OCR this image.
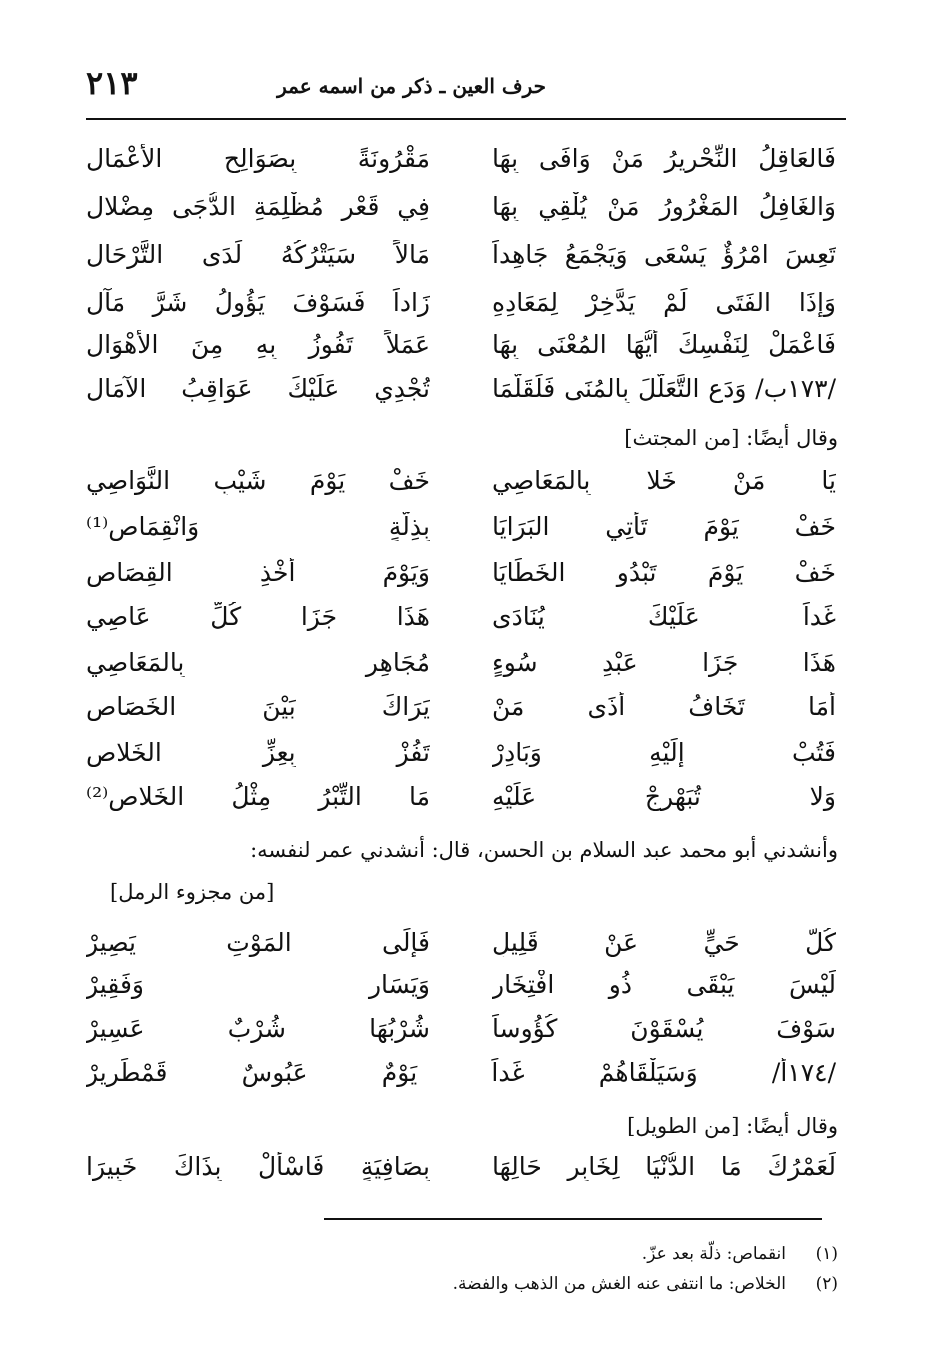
٢١٣	حرف العين ـ ذكر من اسمه عمر
فَالعَاقِلُ النِّحْرِيرُ مَنْ وَافَى بِهَا
مَقْرُونَةً بِصَوَالِحِ الأَعْمَالِ
وَالغَافِلُ المَغْرُورُ مَنْ يُلْقِي بِهَا
فِي قَعْرِ مُظْلِمَةِ الدُّجَى مِضْلالِ
تَعِسَ امْرُؤٌ يَسْعَى وَيَجْمَعُ جَاهِداً
مَالاً سَيَتْرُكُهُ لَدَى التَّرْحَالِ
وَإِذَا الفَتَى لَمْ يَدَّخِرْ لِمَعَادِهِ
زَاداً فَسَوْفَ يَؤُولُ شَرَّ مَآلِ
فَاعْمَلْ لِنَفْسِكَ أَيُّهَا المُعْنَى بِهَا
عَمَلاً تَفُوزُ بِهِ مِنَ الأَهْوَالِ
/١٧٣ب/ وَدَعِ التَّعَلُّلَ بِالمُنَى فَلَقَلَّمَا
تُجْدِي عَلَيْكَ عَوَاقِبُ الآمَالِ
وقال أيضًا: [من المجتث]
يَا مَنْ خَلا بِالمَعَاصِي
خَفْ يَوْمَ شَيْبِ النَّوَاصِي
خَفْ يَوْمَ تَأْتِي البَرَايَا
بِذِلَّةٍ وَانْقِمَاصِ⁽¹⁾
خَفْ يَوْمَ تَبْدُو الخَطَايَا
وَيَوْمَ أَخْذِ القِصَاصِ
غَداً عَلَيْكَ يُنَادَى
هَذَا جَزَا كُلِّ عَاصِي
هَذَا جَزَا عَبْدِ سُوءٍ
مُجَاهِرٍ بِالمَعَاصِي
أَمَا تَخَافُ أَذَى مَنْ
يَرَاكَ بَيْنَ الخَصَاصِ
فَتُبْ إِلَيْهِ وَبَادِرْ
تَفُزْ بِعِزِّ الخَلاصِ
وَلا تُبَهْرِجْ عَلَيْهِ
مَا التِّبْرُ مِثْلُ الخَلاصِ⁽²⁾
وأنشدني أبو محمد عبد السلام بن الحسن، قال: أنشدني عمر لنفسه:
[من مجزوء الرمل]
كُلُّ حَيٍّ عَنْ قَلِيلٍ
فَإِلَى المَوْتِ يَصِيرْ
لَيْسَ يَبْقَى ذُو افْتِخَارٍ
وَيَسَارٍ وَفَقِيرْ
سَوْفَ يُسْقَوْنَ كُؤُوساً
شُرْبُهَا شُرْبٌ عَسِيرْ
/١٧٤أ/ وَسَيَلْقَاهُمْ غَداً يَوْمٌ عَبُوسٌ قَمْطَرِيرْ
وقال أيضًا: [من الطويل]
لَعَمْرُكَ مَا الدُّنْيَا لِخَابِرِ حَالِهَا
بِصَافِيَةٍ فَاسْأَلْ بِذَاكَ خَبِيرَا
(١)انقماص: ذلّة بعد عزّ.
(٢)الخلاص: ما انتفى عنه الغش من الذهب والفضة.
